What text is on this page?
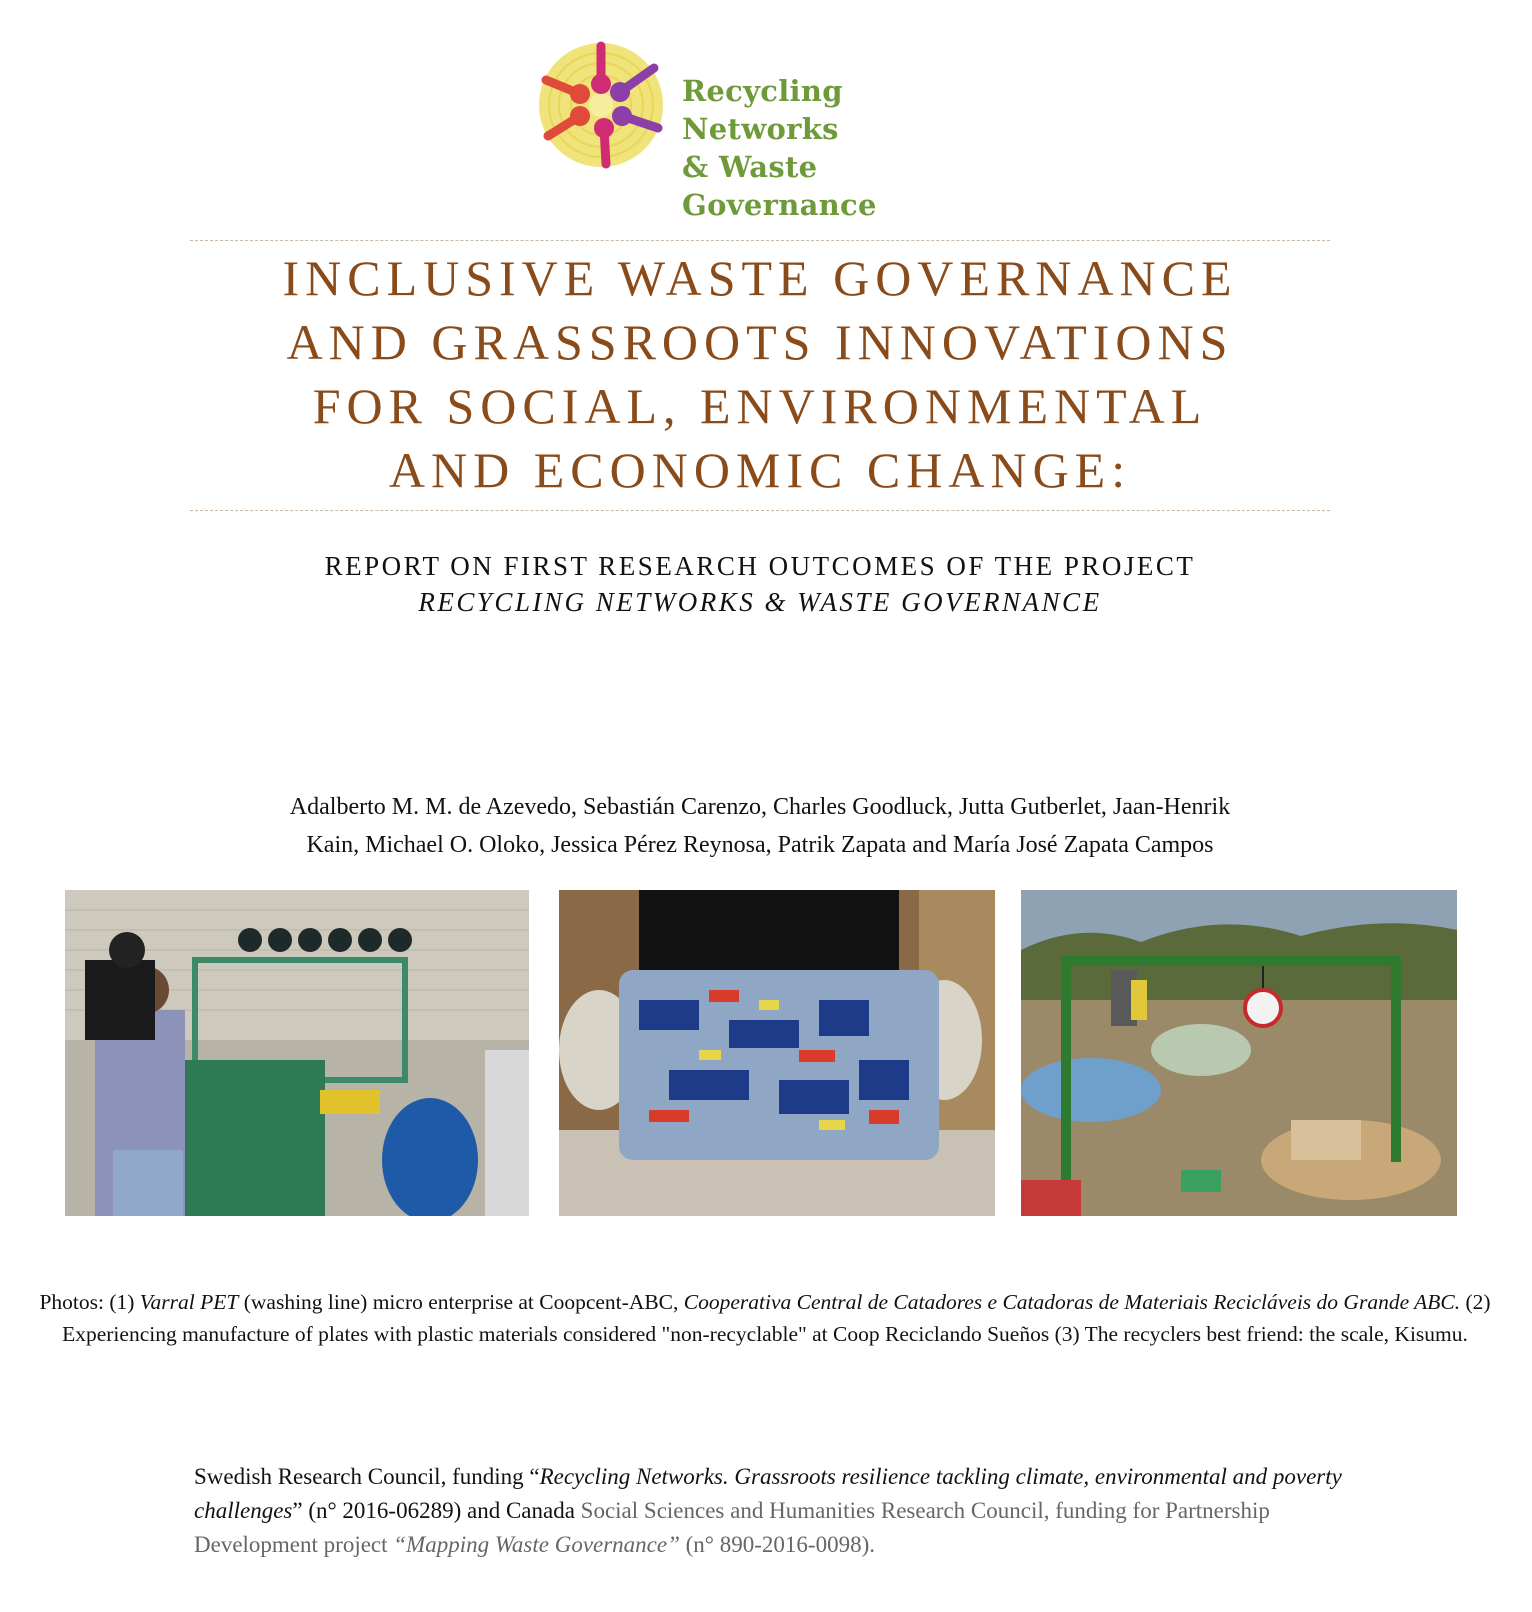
Recycling Networks
& Waste Governance
INCLUSIVE WASTE GOVERNANCE
AND GRASSROOTS INNOVATIONS
FOR SOCIAL, ENVIRONMENTAL
AND ECONOMIC CHANGE:
REPORT ON FIRST RESEARCH OUTCOMES OF THE PROJECT
RECYCLING NETWORKS & WASTE GOVERNANCE
Adalberto M. M. de Azevedo, Sebastián Carenzo, Charles Goodluck, Jutta Gutberlet, Jaan-Henrik
Kain, Michael O. Oloko, Jessica Pérez Reynosa, Patrik Zapata and María José Zapata Campos
Photos: (1) Varral PET (washing line) micro enterprise at Coopcent-ABC, Cooperativa Central de Catadores e Catadoras de Materiais Recicláveis do Grande ABC. (2) Experiencing manufacture of plates with plastic materials considered "non-recyclable" at Coop Reciclando Sueños (3) The recyclers best friend: the scale, Kisumu.
Swedish Research Council, funding “Recycling Networks. Grassroots resilience tackling climate, environmental and poverty challenges” (n° 2016-06289) and Canada Social Sciences and Humanities Research Council, funding for Partnership Development project “Mapping Waste Governance” (n° 890-2016-0098).
